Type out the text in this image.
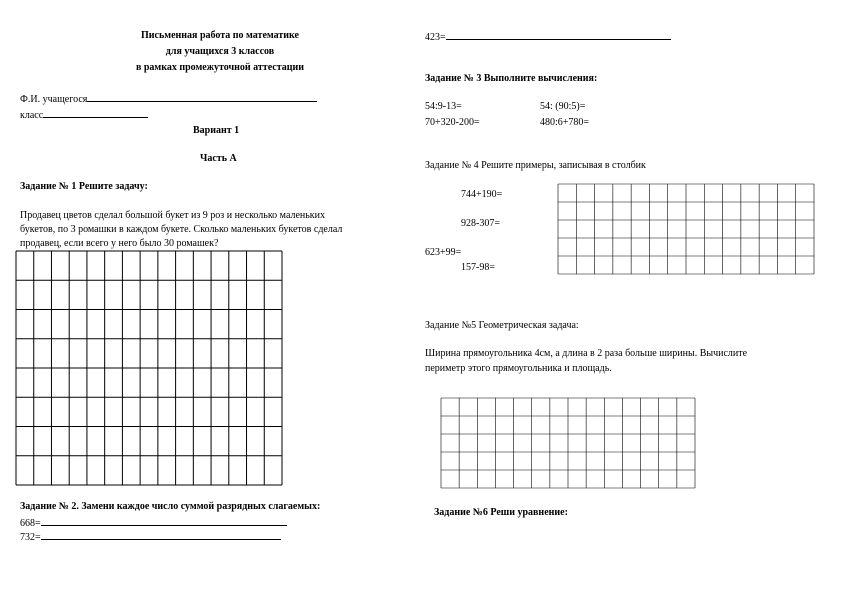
Письменная работа по математике
для учащихся 3 классов
в рамках промежуточной аттестации
Ф.И. учащегося
класс
Вариант 1
Часть А
Задание № 1 Решите задачу:
Продавец цветов сделал большой букет из 9 роз и несколько маленьких
букетов, по 3 ромашки в каждом букете. Сколько маленьких букетов сделал
продавец, если всего у него было 30 ромашек?
Задание № 2. Замени каждое число суммой разрядных слагаемых:
668=
732=
423=
Задание № 3 Выполните вычисления:
54:9-13=	54: (90:5)=
70+320-200=	480:6+780=
Задание № 4 Решите примеры, записывая в столбик
744+190=
928-307=
623+99=
157-98=
Задание №5 Геометрическая задача:
Ширина прямоугольника 4см, а длина в 2 раза больше ширины. Вычислите
периметр этого прямоугольника и площадь.
Задание №6 Реши уравнение:
